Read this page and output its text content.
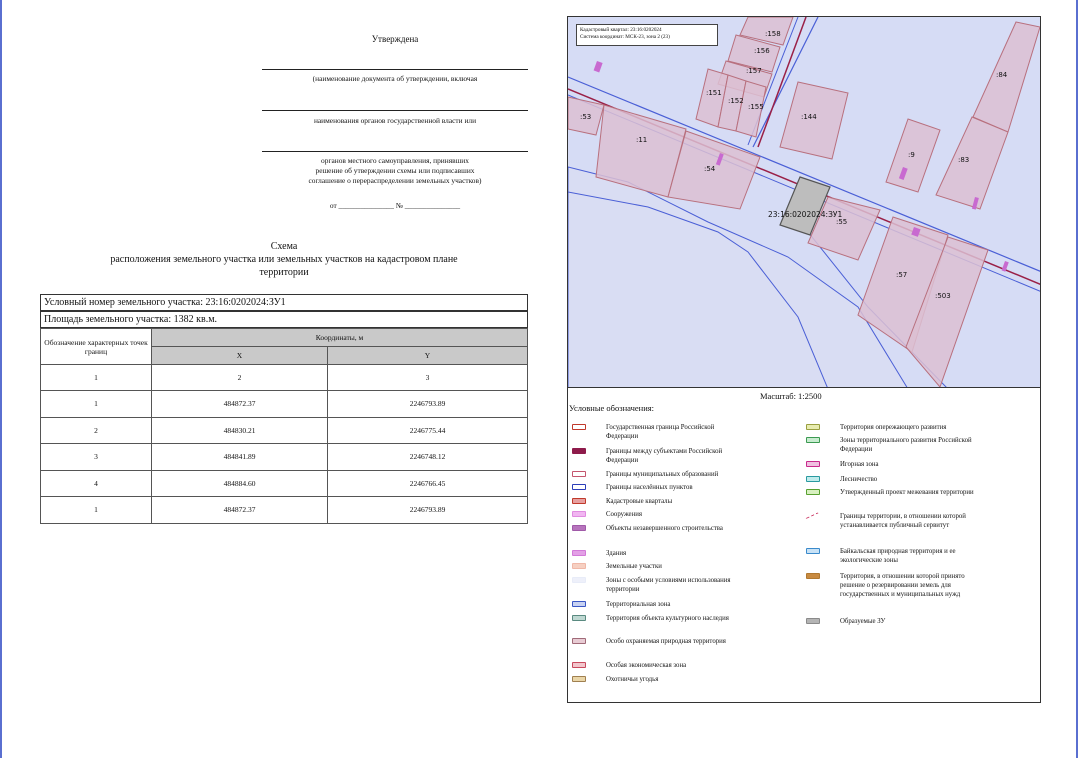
Утверждена
(наименование документа об утверждении, включая
наименования органов государственной власти или
органов местного самоуправления, принявших
решение об утверждении схемы или подписавших
соглашение о перераспределении земельных участков)
от _______________ № _______________
Схема
расположения земельного участка или земельных участков на кадастровом плане
территории
Условный номер земельного участка: 23:16:0202024:ЗУ1
Площадь земельного участка: 1382 кв.м.
Обозначение характерных точек границ	Координаты, м	
	X	Y
1	2	3
1	484872.37	2246793.89
2	484830.21	2246775.44
3	484841.89	2246748.12
4	484884.60	2246766.45
1	484872.37	2246793.89
:158
:156
:157
:151
:152
:155
:144
:84
:53
:11
:54
:9
:83
23:16:0202024:ЗУ1
:55
:57
:503
Кадастровый квартал: 23:16:0202024
Система координат: МСК-23, зона 2 (23)
Масштаб: 1:2500
Условные обозначения:
Государственная граница Российской Федерации
Границы между субъектами Российской Федерации
Границы муниципальных образований
Границы населённых пунктов
Кадастровые кварталы
Сооружения
Объекты незавершенного строительства
Здания
Земельные участки
Зоны с особыми условиями использования территории
Территориальная зона
Территория объекта культурного наследия
Особо охраняемая природная территория
Особая экономическая зона
Охотничьи угодья
Территория опережающего развития
Зоны территориального развития Российской Федерации
Игорная зона
Лесничество
Утвержденный проект межевания территории
Границы территории, в отношении которой устанавливается публичный сервитут
Байкальская природная территория и ее экологические зоны
Территория, в отношении которой принято решение о резервировании земель для государственных и муниципальных нужд
Образуемые ЗУ
